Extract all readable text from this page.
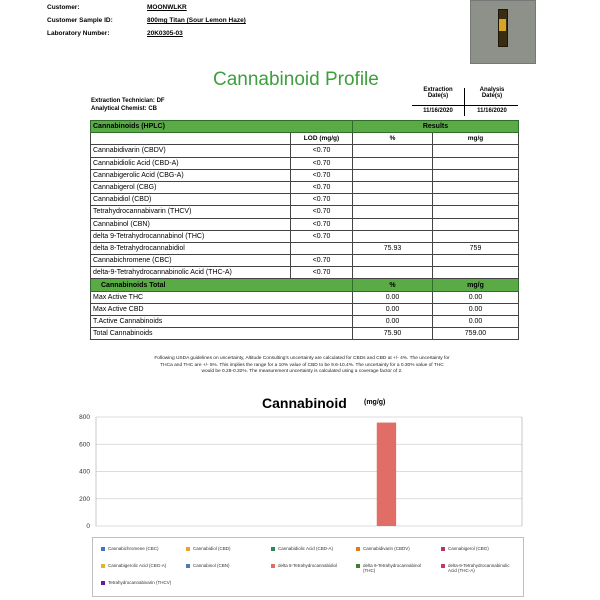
Customer:	MOONWLKR
Customer Sample ID:	800mg Titan (Sour Lemon Haze)
Laboratory Number:	20K0305-03
Cannabinoid Profile
Extraction Technician: DF
Analytical Chemist: CB
Extraction
Date(s)
Analysis
Date(s)
11/16/2020	11/16/2020
Cannabinoids (HPLC)		Results	
	LOD (mg/g)	%	mg/g
Cannabidivarin (CBDV)	<0.70		
Cannabidiolic Acid (CBD-A)	<0.70		
Cannabigerolic Acid (CBG-A)	<0.70		
Cannabigerol (CBG)	<0.70		
Cannabidiol (CBD)	<0.70		
Tetrahydrocannabivarin (THCV)	<0.70		
Cannabinol (CBN)	<0.70		
delta 9-Tetrahydrocannabinol (THC)	<0.70		
delta 8-Tetrahydrocannabidiol		75.93	759
Cannabichromene (CBC)	<0.70		
delta-9-Tetrahydrocannabinolic Acid (THC-A)	<0.70		
Cannabinoids Total		%	mg/g
Max Active THC		0.00	0.00
Max Active CBD		0.00	0.00
T.Active Cannabinoids		0.00	0.00
Total Cannabinoids		75.90	759.00
Following USDA guidelines on uncertainty, Altitude Consulting's uncertainty are calculated for CBDs and CBD at +/- 4%. The uncertainty for
THCa and THC are +/- 5%. This implies the range for a 10% value of CBD to be 9.6-10.4%. The uncertainty for a 0.30% value of THC
would be 0.28-0.32%. The measurement uncertainty is calculated using a coverage factor of 2.
Cannabinoid (mg/g)
800
600
400
200
0
Cannabichromene (CBC)	Cannabidiol (CBD)	Cannabidiolic Acid (CBD-A)	Cannabidivarin (CBDV)	Cannabigerol (CBG)
Cannabigerolic Acid (CBG-A)	Cannabinol (CBN)	delta 8-Tetrahydrocannabidiol	delta 9-Tetrahydrocannabinol (THC)
delta-9-Tetrahydrocannabinolic Acid (THC-A)
Tetrahydrocannabivarin (THCV)
